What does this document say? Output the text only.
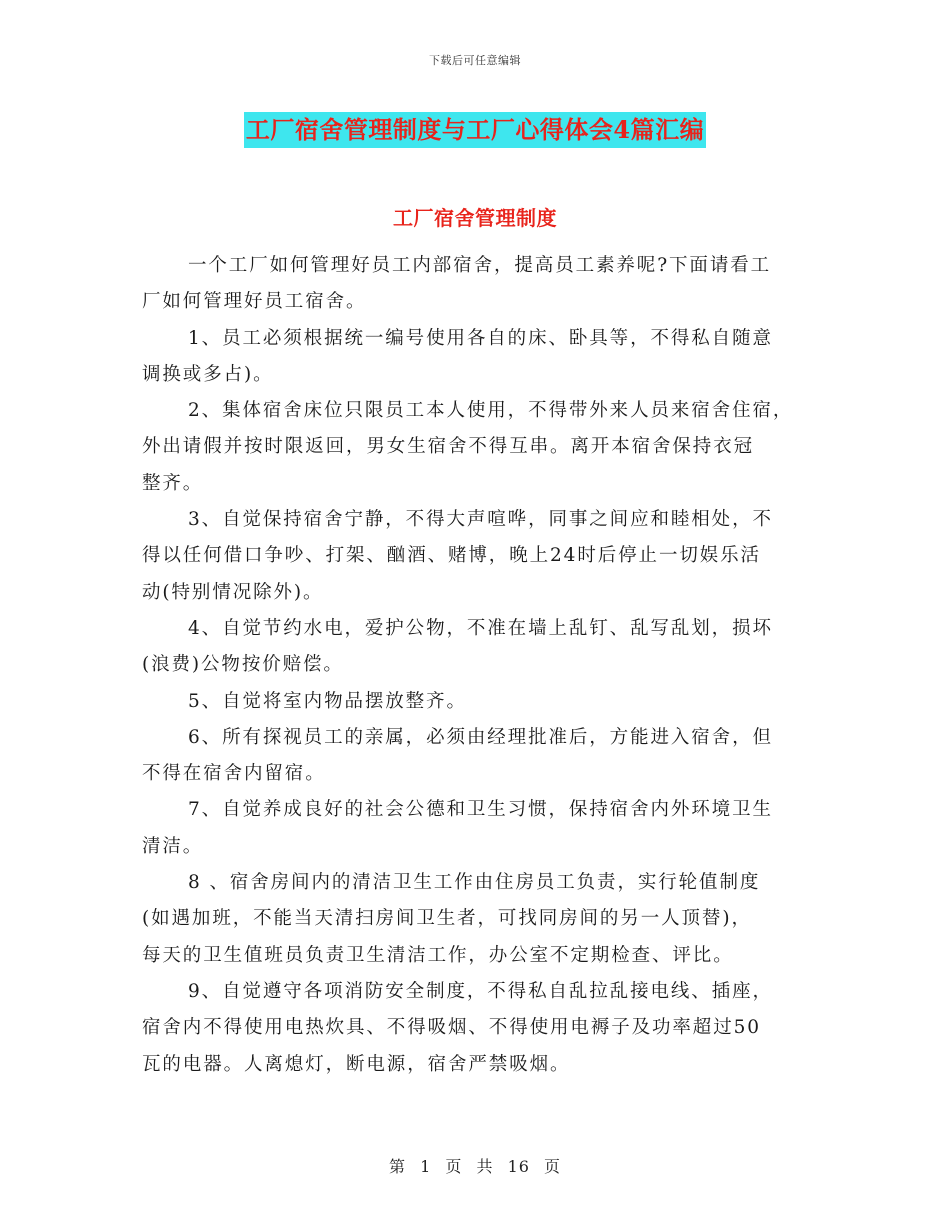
下载后可任意编辑
工厂宿舍管理制度与工厂心得体会4篇汇编
工厂宿舍管理制度

一个工厂如何管理好员工内部宿舍，提高员工素养呢?下面请看工
厂如何管理好员工宿舍。

1、员工必须根据统一编号使用各自的床、卧具等，不得私自随意
调换或多占)。

2、集体宿舍床位只限员工本人使用，不得带外来人员来宿舍住宿，
外出请假并按时限返回，男女生宿舍不得互串。离开本宿舍保持衣冠
整齐。

3、自觉保持宿舍宁静，不得大声喧哗，同事之间应和睦相处，不
得以任何借口争吵、打架、酗酒、赌博，晚上24时后停止一切娱乐活
动(特别情况除外)。

4、自觉节约水电，爱护公物，不准在墙上乱钉、乱写乱划，损坏
(浪费)公物按价赔偿。

5、自觉将室内物品摆放整齐。

6、所有探视员工的亲属，必须由经理批准后，方能进入宿舍，但
不得在宿舍内留宿。

7、自觉养成良好的社会公德和卫生习惯，保持宿舍内外环境卫生
清洁。

8 、宿舍房间内的清洁卫生工作由住房员工负责，实行轮值制度
(如遇加班，不能当天清扫房间卫生者，可找同房间的另一人顶替)，
每天的卫生值班员负责卫生清洁工作，办公室不定期检查、评比。

9、自觉遵守各项消防安全制度，不得私自乱拉乱接电线、插座，
宿舍内不得使用电热炊具、不得吸烟、不得使用电褥子及功率超过50
瓦的电器。人离熄灯，断电源，宿舍严禁吸烟。

第 1 页 共 16 页
